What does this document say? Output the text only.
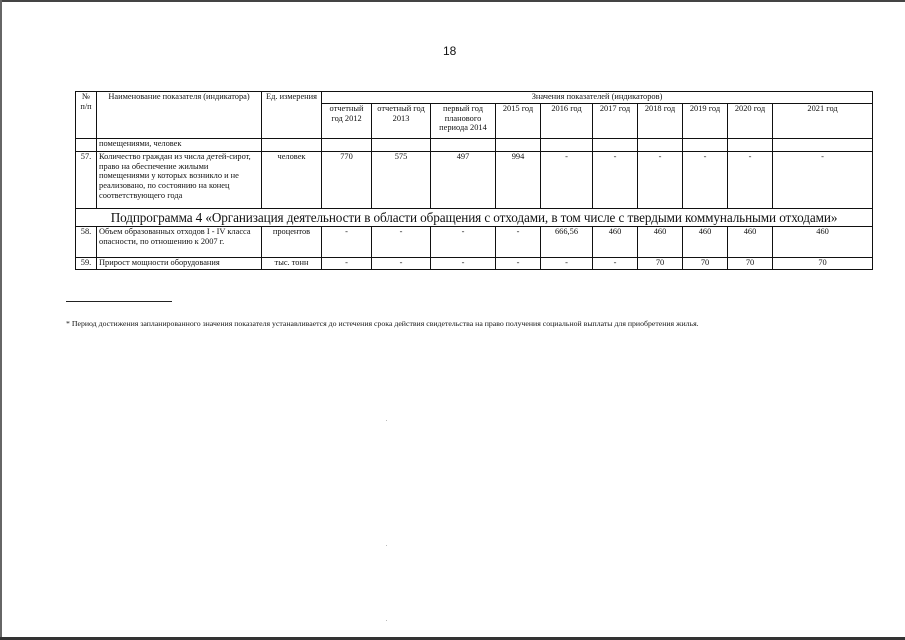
18
№ п/п	Наименование показателя (индикатора)	Ед. измерения	Значения показателей (индикаторов)									
			отчетный год 2012	отчетный год 2013	первый год планового периода 2014	2015 год	2016 год	2017 год	2018 год	2019 год	2020 год	2021 год
	помещениями, человек											
57.	Количество граждан из числа детей-сирот, право на обеспечение жилыми помещениями у которых возникло и не реализовано, по состоянию на конец соответствующего года	человек	770	575	497	994	-	-	-	-	-	-
Подпрограмма 4 «Организация деятельности в области обращения с отходами, в том числе с твердыми коммунальными отходами»												
58.	Объем образованных отходов I - IV класса опасности, по отношению к 2007 г.	процентов	-	-	-	-	666,56	460	460	460	460	460
59.	Прирост мощности оборудования	тыс. тонн	-	-	-	-	-	-	70	70	70	70
* Период достижения запланированного значения показателя устанавливается до истечения срока действия свидетельства на право получения социальной выплаты для приобретения жилья.
